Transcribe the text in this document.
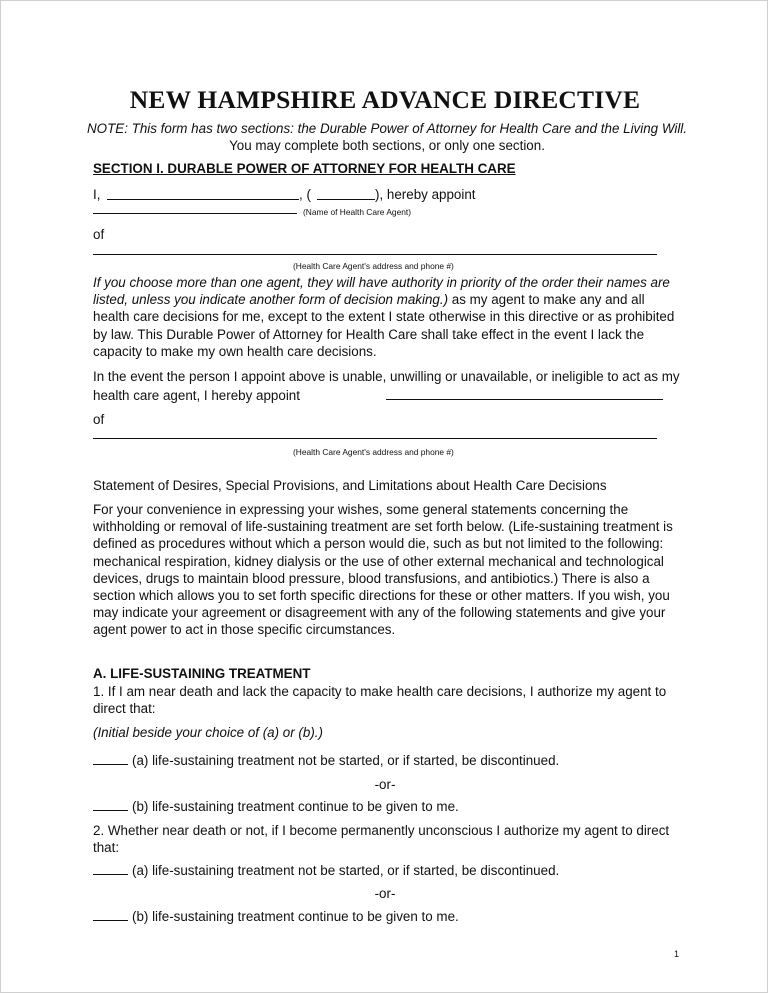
NEW HAMPSHIRE ADVANCE DIRECTIVE
NOTE: This form has two sections: the Durable Power of Attorney for Health Care and the Living Will. You may complete both sections, or only one section.
SECTION I. DURABLE POWER OF ATTORNEY FOR HEALTH CARE
I,	, (	), hereby appoint
(Name of Health Care Agent)
of
(Health Care Agent's address and phone #)
If you choose more than one agent, they will have authority in priority of the order their names are listed, unless you indicate another form of decision making.) as my agent to make any and all health care decisions for me, except to the extent I state otherwise in this directive or as prohibited by law. This Durable Power of Attorney for Health Care shall take effect in the event I lack the capacity to make my own health care decisions.
In the event the person I appoint above is unable, unwilling or unavailable, or ineligible to act as my health care agent, I hereby appoint
of
(Health Care Agent's address and phone #)
Statement of Desires, Special Provisions, and Limitations about Health Care Decisions
For your convenience in expressing your wishes, some general statements concerning the withholding or removal of life-sustaining treatment are set forth below. (Life-sustaining treatment is defined as procedures without which a person would die, such as but not limited to the following: mechanical respiration, kidney dialysis or the use of other external mechanical and technological devices, drugs to maintain blood pressure, blood transfusions, and antibiotics.) There is also a section which allows you to set forth specific directions for these or other matters. If you wish, you may indicate your agreement or disagreement with any of the following statements and give your agent power to act in those specific circumstances.
A. LIFE-SUSTAINING TREATMENT
1. If I am near death and lack the capacity to make health care decisions, I authorize my agent to direct that:
(Initial beside your choice of (a) or (b).)
(a) life-sustaining treatment not be started, or if started, be discontinued.
-or-
(b) life-sustaining treatment continue to be given to me.
2. Whether near death or not, if I become permanently unconscious I authorize my agent to direct that:
(a) life-sustaining treatment not be started, or if started, be discontinued.
-or-
(b) life-sustaining treatment continue to be given to me.
1
